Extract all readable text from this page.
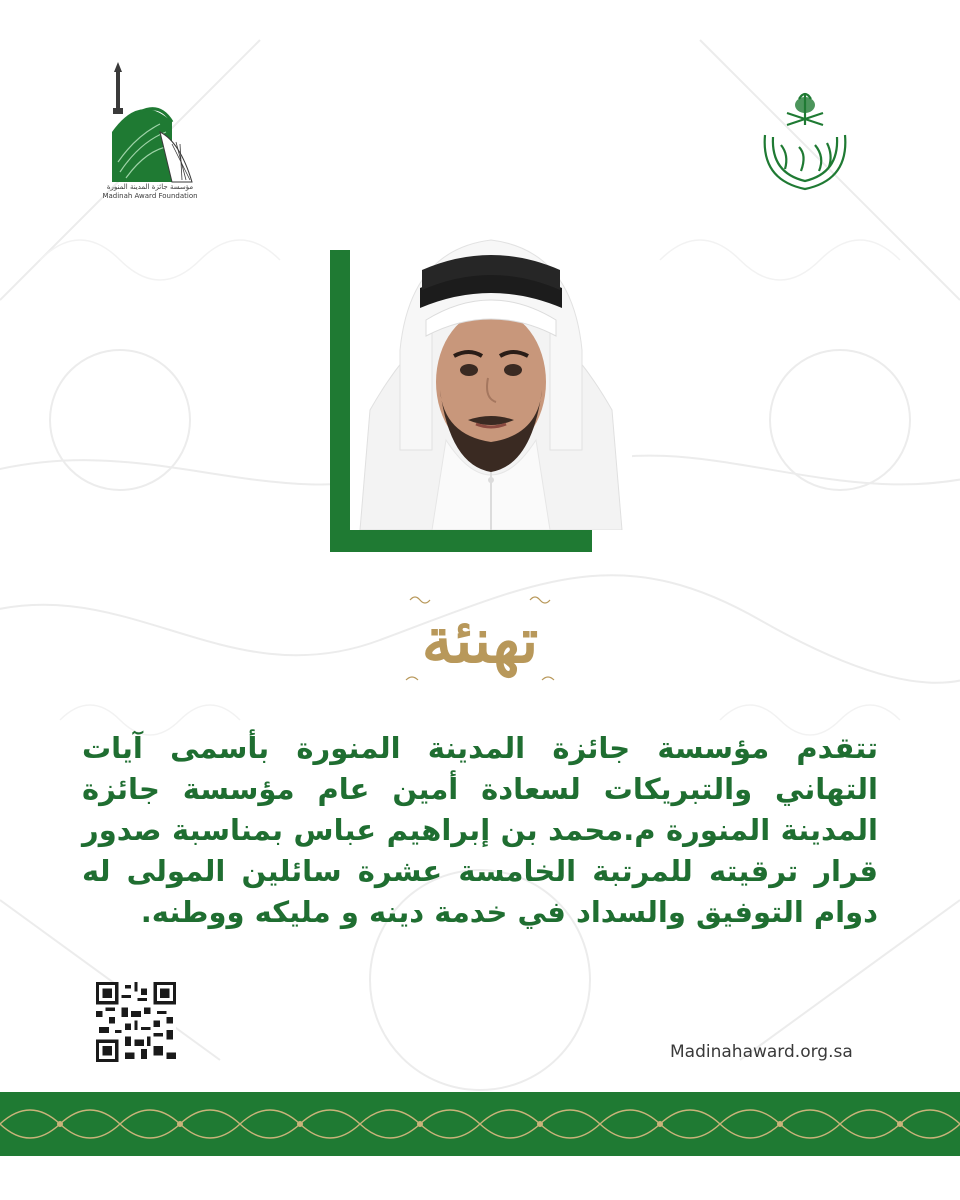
مؤسسة جائزة المدينة المنورة
Madinah Award Foundation
تهنئة
تتقدم مؤسسة جائزة المدينة المنورة بأسمى آيات التهاني والتبريكات لسعادة أمين عام مؤسسة جائزة المدينة المنورة م.محمد بن إبراهيم عباس بمناسبة صدور قرار ترقيته للمرتبة الخامسة عشرة سائلين المولى له دوام التوفيق والسداد في خدمة دينه و مليكه ووطنه.
Madinahaward.org.sa
